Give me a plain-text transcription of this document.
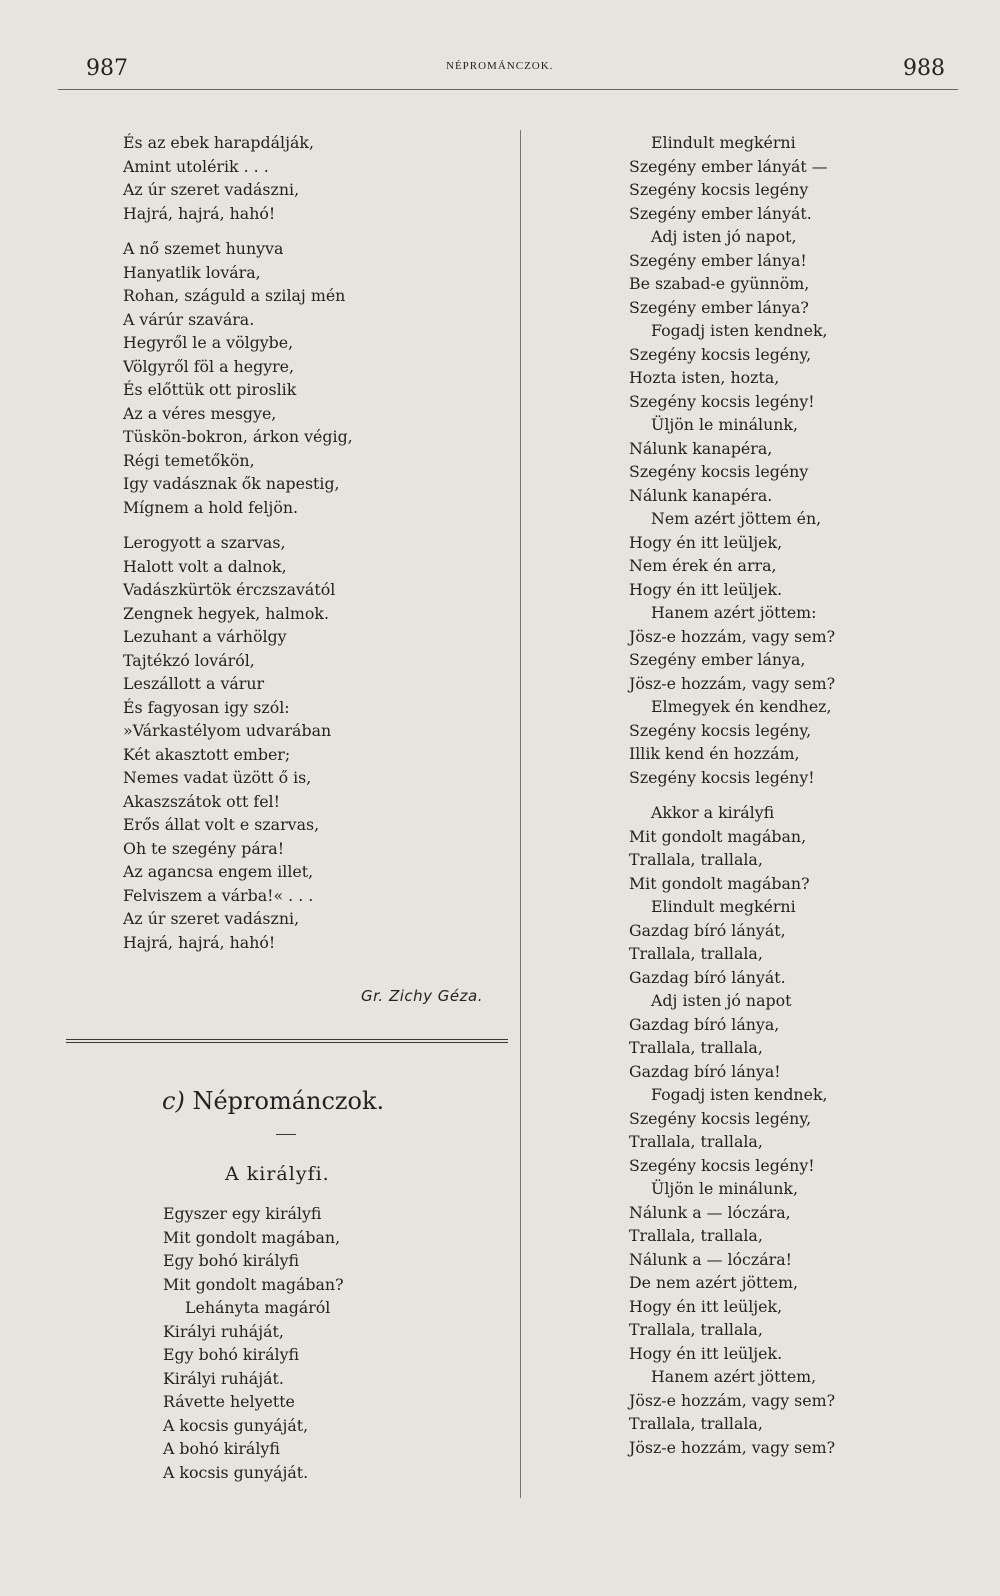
987	NÉPROMÁNCZOK.	988
És az ebek harapdálják,
Amint utolérik . . .
Az úr szeret vadászni,
Hajrá, hajrá, hahó!
A nő szemet hunyva
Hanyatlik lovára,
Rohan, száguld a szilaj mén
A várúr szavára.
Hegyről le a völgybe,
Völgyről föl a hegyre,
És előttük ott piroslik
Az a véres mesgye,
Tüskön-bokron, árkon végig,
Régi temetőkön,
Igy vadásznak ők napestig,
Mígnem a hold feljön.
Lerogyott a szarvas,
Halott volt a dalnok,
Vadászkürtök érczszavától
Zengnek hegyek, halmok.
Lezuhant a várhölgy
Tajtékzó lováról,
Leszállott a várur
És fagyosan igy szól:
»Várkastélyom udvarában
Két akasztott ember;
Nemes vadat üzött ő is,
Akaszszátok ott fel!
Erős állat volt e szarvas,
Oh te szegény pára!
Az agancsa engem illet,
Felviszem a várba!« . . .
Az úr szeret vadászni,
Hajrá, hajrá, hahó!
Gr. Zichy Géza.
c) Néprománczok.
A királyfi.
Egyszer egy királyfi
Mit gondolt magában,
Egy bohó királyfi
Mit gondolt magában?
Lehányta magáról
Királyi ruháját,
Egy bohó királyfi
Királyi ruháját.
Rávette helyette
A kocsis gunyáját,
A bohó királyfi
A kocsis gunyáját.
Elindult megkérni
Szegény ember lányát —
Szegény kocsis legény
Szegény ember lányát.
Adj isten jó napot,
Szegény ember lánya!
Be szabad-e gyünnöm,
Szegény ember lánya?
Fogadj isten kendnek,
Szegény kocsis legény,
Hozta isten, hozta,
Szegény kocsis legény!
Üljön le minálunk,
Nálunk kanapéra,
Szegény kocsis legény
Nálunk kanapéra.
Nem azért jöttem én,
Hogy én itt leüljek,
Nem érek én arra,
Hogy én itt leüljek.
Hanem azért jöttem:
Jösz-e hozzám, vagy sem?
Szegény ember lánya,
Jösz-e hozzám, vagy sem?
Elmegyek én kendhez,
Szegény kocsis legény,
Illik kend én hozzám,
Szegény kocsis legény!
Akkor a királyfi
Mit gondolt magában,
Trallala, trallala,
Mit gondolt magában?
Elindult megkérni
Gazdag bíró lányát,
Trallala, trallala,
Gazdag bíró lányát.
Adj isten jó napot
Gazdag bíró lánya,
Trallala, trallala,
Gazdag bíró lánya!
Fogadj isten kendnek,
Szegény kocsis legény,
Trallala, trallala,
Szegény kocsis legény!
Üljön le minálunk,
Nálunk a — lóczára,
Trallala, trallala,
Nálunk a — lóczára!
De nem azért jöttem,
Hogy én itt leüljek,
Trallala, trallala,
Hogy én itt leüljek.
Hanem azért jöttem,
Jösz-e hozzám, vagy sem?
Trallala, trallala,
Jösz-e hozzám, vagy sem?
